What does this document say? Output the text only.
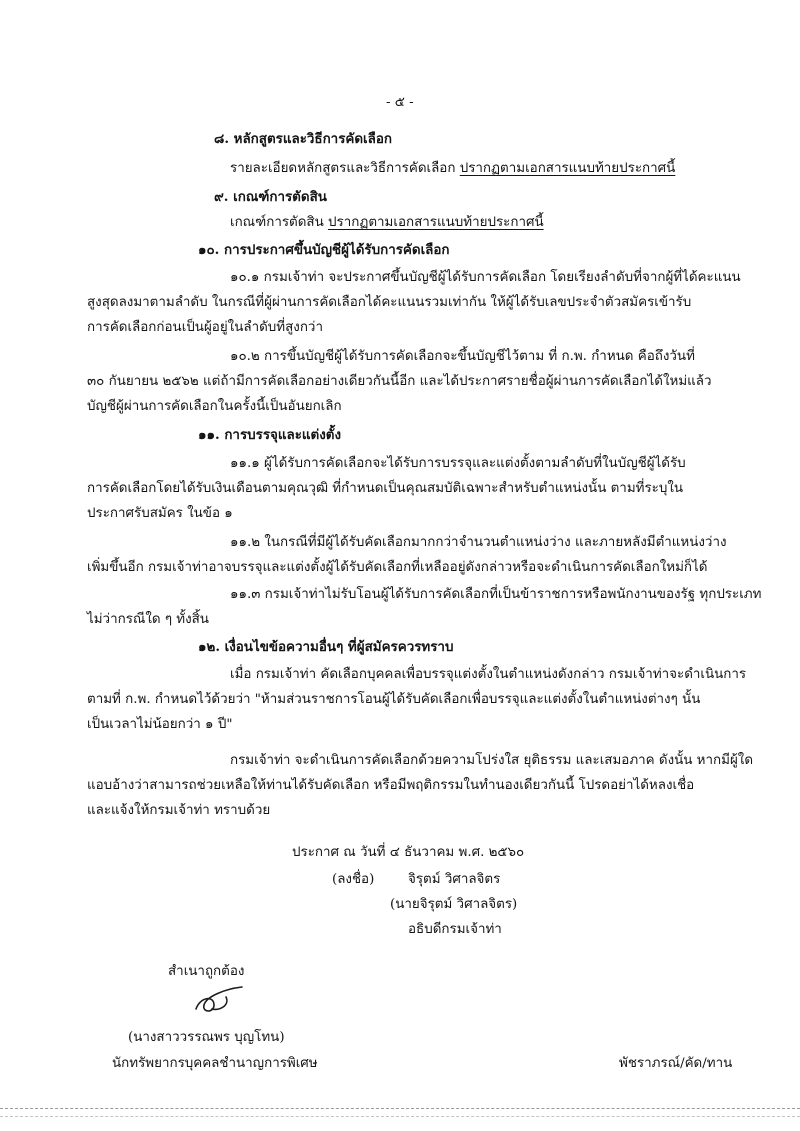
- ๕ -
๘. หลักสูตรและวิธีการคัดเลือก
รายละเอียดหลักสูตรและวิธีการคัดเลือก ปรากฏตามเอกสารแนบท้ายประกาศนี้
๙. เกณฑ์การตัดสิน
เกณฑ์การตัดสิน ปรากฏตามเอกสารแนบท้ายประกาศนี้
๑๐. การประกาศขึ้นบัญชีผู้ได้รับการคัดเลือก
๑๐.๑ กรมเจ้าท่า จะประกาศขึ้นบัญชีผู้ได้รับการคัดเลือก โดยเรียงลำดับที่จากผู้ที่ได้คะแนน
สูงสุดลงมาตามลำดับ ในกรณีที่ผู้ผ่านการคัดเลือกได้คะแนนรวมเท่ากัน ให้ผู้ได้รับเลขประจำตัวสมัครเข้ารับ
การคัดเลือกก่อนเป็นผู้อยู่ในลำดับที่สูงกว่า
๑๐.๒ การขึ้นบัญชีผู้ได้รับการคัดเลือกจะขึ้นบัญชีไว้ตาม ที่ ก.พ. กำหนด คือถึงวันที่
๓๐ กันยายน ๒๕๖๒ แต่ถ้ามีการคัดเลือกอย่างเดียวกันนี้อีก และได้ประกาศรายชื่อผู้ผ่านการคัดเลือกได้ใหม่แล้ว
บัญชีผู้ผ่านการคัดเลือกในครั้งนี้เป็นอันยกเลิก
๑๑. การบรรจุและแต่งตั้ง
๑๑.๑ ผู้ได้รับการคัดเลือกจะได้รับการบรรจุและแต่งตั้งตามลำดับที่ในบัญชีผู้ได้รับ
การคัดเลือกโดยได้รับเงินเดือนตามคุณวุฒิ ที่กำหนดเป็นคุณสมบัติเฉพาะสำหรับตำแหน่งนั้น ตามที่ระบุใน
ประกาศรับสมัคร ในข้อ ๑
๑๑.๒ ในกรณีที่มีผู้ได้รับคัดเลือกมากกว่าจำนวนตำแหน่งว่าง และภายหลังมีตำแหน่งว่าง
เพิ่มขึ้นอีก กรมเจ้าท่าอาจบรรจุและแต่งตั้งผู้ได้รับคัดเลือกที่เหลืออยู่ดังกล่าวหรือจะดำเนินการคัดเลือกใหม่ก็ได้
๑๑.๓ กรมเจ้าท่าไม่รับโอนผู้ได้รับการคัดเลือกที่เป็นข้าราชการหรือพนักงานของรัฐ ทุกประเภท
ไม่ว่ากรณีใด ๆ ทั้งสิ้น
๑๒. เงื่อนไขข้อความอื่นๆ ที่ผู้สมัครควรทราบ
เมื่อ กรมเจ้าท่า คัดเลือกบุคคลเพื่อบรรจุแต่งตั้งในตำแหน่งดังกล่าว กรมเจ้าท่าจะดำเนินการ
ตามที่ ก.พ. กำหนดไว้ด้วยว่า "ห้ามส่วนราชการโอนผู้ได้รับคัดเลือกเพื่อบรรจุและแต่งตั้งในตำแหน่งต่างๆ นั้น
เป็นเวลาไม่น้อยกว่า ๑ ปี"
กรมเจ้าท่า จะดำเนินการคัดเลือกด้วยความโปร่งใส ยุติธรรม และเสมอภาค ดังนั้น หากมีผู้ใด
แอบอ้างว่าสามารถช่วยเหลือให้ท่านได้รับคัดเลือก หรือมีพฤติกรรมในทำนองเดียวกันนี้ โปรดอย่าได้หลงเชื่อ
และแจ้งให้กรมเจ้าท่า ทราบด้วย
ประกาศ ณ วันที่ ๔ ธันวาคม พ.ศ. ๒๕๖๐
(ลงชื่อ)	จิรุตม์ วิศาลจิตร
(นายจิรุตม์ วิศาลจิตร)
อธิบดีกรมเจ้าท่า
สำเนาถูกต้อง
(นางสาววรรณพร บุญโทน)
นักทรัพยากรบุคคลชำนาญการพิเศษ	พัชราภรณ์/คัด/ทาน
